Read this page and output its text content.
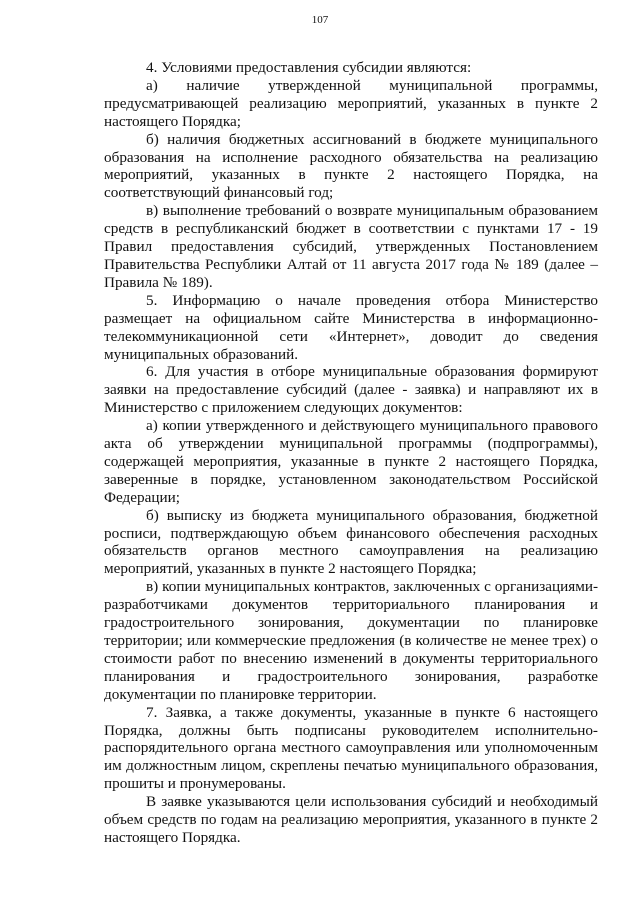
107

4. Условиями предоставления субсидии являются:

а) наличие утвержденной муниципальной программы, предусматривающей реализацию мероприятий, указанных в пункте 2 настоящего Порядка;

б) наличия бюджетных ассигнований в бюджете муниципального образования на исполнение расходного обязательства на реализацию мероприятий, указанных в пункте 2 настоящего Порядка, на соответствующий финансовый год;

в) выполнение требований о возврате муниципальным образованием средств в республиканский бюджет в соответствии с пунктами 17 - 19 Правил предоставления субсидий, утвержденных Постановлением Правительства Республики Алтай от 11 августа 2017 года № 189 (далее – Правила № 189).

5. Информацию о начале проведения отбора Министерство размещает на официальном сайте Министерства в информационно-телекоммуникационной сети «Интернет», доводит до сведения муниципальных образований.

6. Для участия в отборе муниципальные образования формируют заявки на предоставление субсидий (далее - заявка) и направляют их в Министерство с приложением следующих документов:

а) копии утвержденного и действующего муниципального правового акта об утверждении муниципальной программы (подпрограммы), содержащей мероприятия, указанные в пункте 2 настоящего Порядка, заверенные в порядке, установленном законодательством Российской Федерации;

б) выписку из бюджета муниципального образования, бюджетной росписи, подтверждающую объем финансового обеспечения расходных обязательств органов местного самоуправления на реализацию мероприятий, указанных в пункте 2 настоящего Порядка;

в) копии муниципальных контрактов, заключенных с организациями-разработчиками документов территориального планирования и градостроительного зонирования, документации по планировке территории; или коммерческие предложения (в количестве не менее трех) о стоимости работ по внесению изменений в документы территориального планирования и градостроительного зонирования, разработке документации по планировке территории.

7. Заявка, а также документы, указанные в пункте 6 настоящего Порядка, должны быть подписаны руководителем исполнительно-распорядительного органа местного самоуправления или уполномоченным им должностным лицом, скреплены печатью муниципального образования, прошиты и пронумерованы.

В заявке указываются цели использования субсидий и необходимый объем средств по годам на реализацию мероприятия, указанного в пункте 2 настоящего Порядка.
